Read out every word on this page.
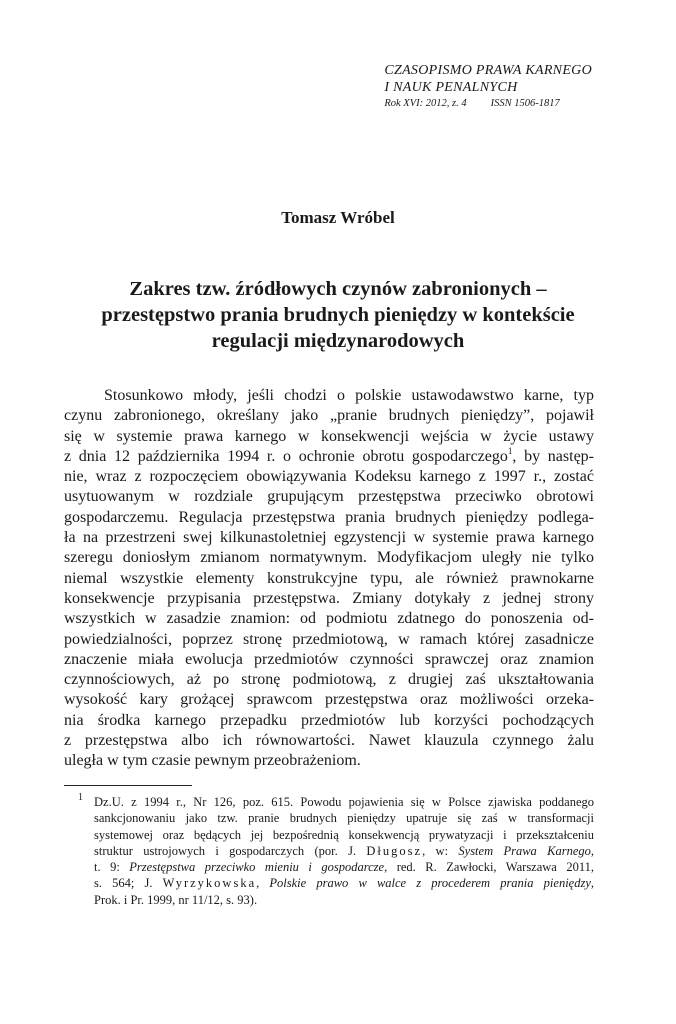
CZASOPISMO PRAWA KARNEGO
I NAUK PENALNYCH
Rok XVI: 2012, z. 4 ISSN 1506-1817
Tomasz Wróbel
Zakres tzw. źródłowych czynów zabronionych –
przestępstwo prania brudnych pieniędzy w kontekście
regulacji międzynarodowych
Stosunkowo młody, jeśli chodzi o polskie ustawodawstwo karne, typ
czynu zabronionego, określany jako „pranie brudnych pieniędzy”, pojawił
się w systemie prawa karnego w konsekwencji wejścia w życie ustawy
z dnia 12 października 1994 r. o ochronie obrotu gospodarczego$^1$, by następ-
nie, wraz z rozpoczęciem obowiązywania Kodeksu karnego z 1997 r., zostać
usytuowanym w rozdziale grupującym przestępstwa przeciwko obrotowi
gospodarczemu. Regulacja przestępstwa prania brudnych pieniędzy podlega-
ła na przestrzeni swej kilkunastoletniej egzystencji w systemie prawa karnego
szeregu doniosłym zmianom normatywnym. Modyfikacjom uległy nie tylko
niemal wszystkie elementy konstrukcyjne typu, ale również prawnokarne
konsekwencje przypisania przestępstwa. Zmiany dotykały z jednej strony
wszystkich w zasadzie znamion: od podmiotu zdatnego do ponoszenia od-
powiedzialności, poprzez stronę przedmiotową, w ramach której zasadnicze
znaczenie miała ewolucja przedmiotów czynności sprawczej oraz znamion
czynnościowych, aż po stronę podmiotową, z drugiej zaś ukształtowania
wysokość kary grożącej sprawcom przestępstwa oraz możliwości orzeka-
nia środka karnego przepadku przedmiotów lub korzyści pochodzących
z przestępstwa albo ich równowartości. Nawet klauzula czynnego żalu
uległa w tym czasie pewnym przeobrażeniom.
1 Dz.U. z 1994 r., Nr 126, poz. 615. Powodu pojawienia się w Polsce zjawiska poddanego
sankcjonowaniu jako tzw. pranie brudnych pieniędzy upatruje się zaś w transformacji
systemowej oraz będących jej bezpośrednią konsekwencją prywatyzacji i przekształceniu
struktur ustrojowych i gospodarczych (por. J. Długosz, w: System Prawa Karnego,
t. 9: Przestępstwa przeciwko mieniu i gospodarcze, red. R. Zawłocki, Warszawa 2011,
s. 564; J. Wyrzykowska, Polskie prawo w walce z procederem prania pieniędzy,
Prok. i Pr. 1999, nr 11/12, s. 93).
